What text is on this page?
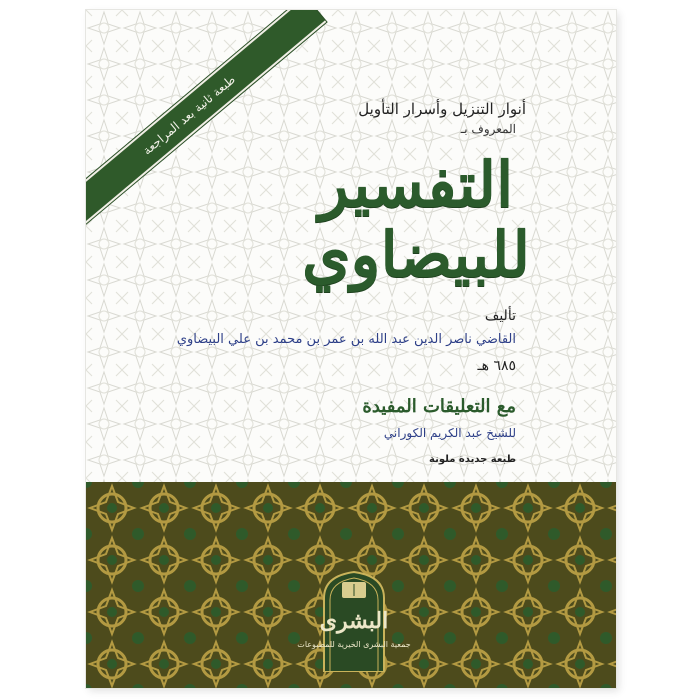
طبعة ثانية بعد المراجعة	أنوار التنزيل وأسرار التأويل
المعروف بـ
التفسير للبيضاوي
تأليف
القاضي ناصر الدين عبد الله بن عمر بن محمد بن علي البيضاوي
٦٨٥ هـ
مع التعليقات المفيدة
للشيخ عبد الكريم الكوراني
طبعة جديدة ملونة
البشرى
جمعية البشرى الخيرية للمطبوعات
